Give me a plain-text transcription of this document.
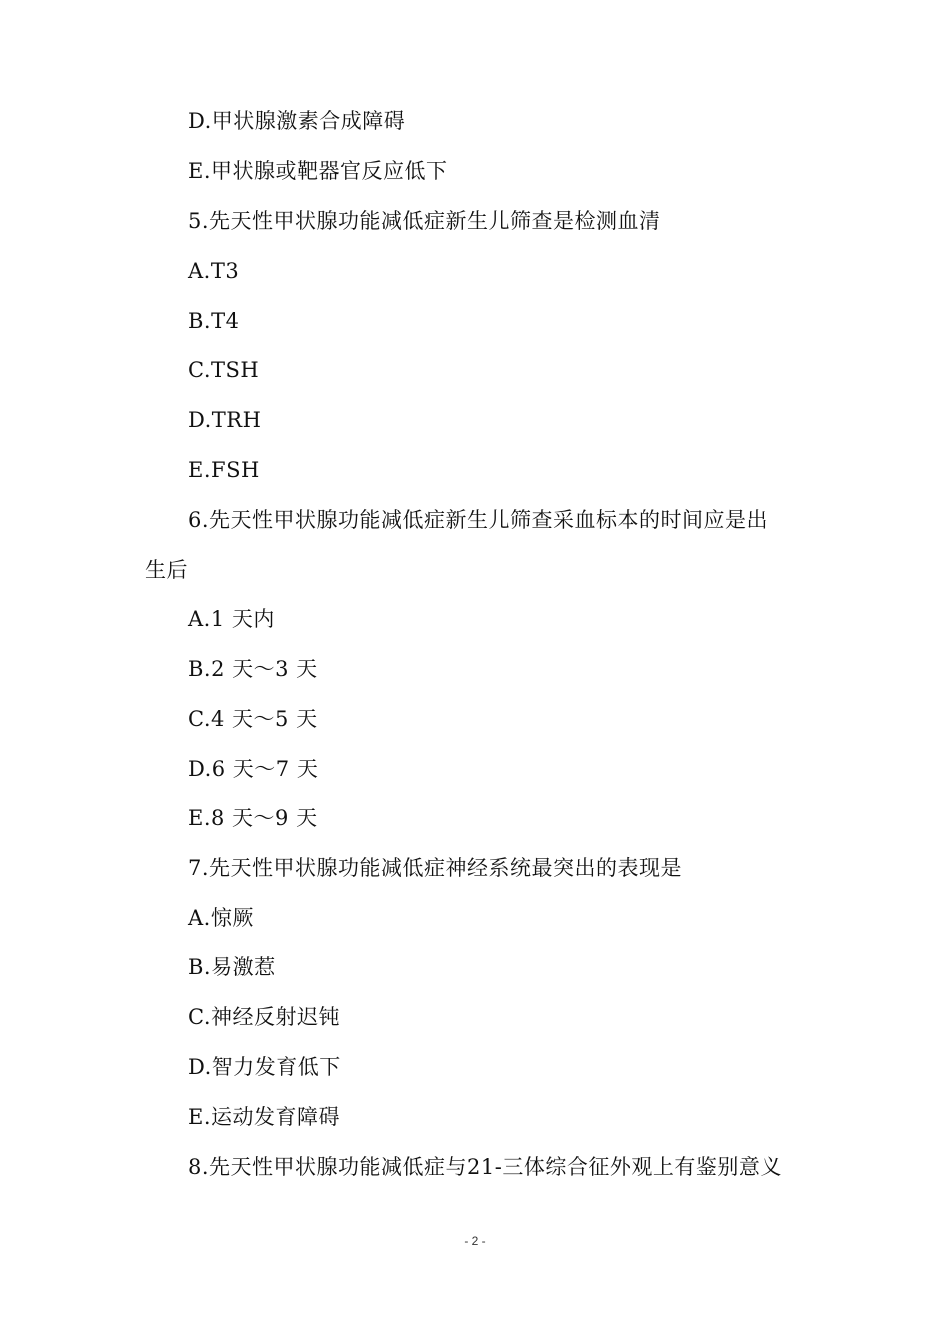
D.甲状腺激素合成障碍
E.甲状腺或靶器官反应低下
5.先天性甲状腺功能减低症新生儿筛查是检测血清
A.T3
B.T4
C.TSH
D.TRH
E.FSH
6.先天性甲状腺功能减低症新生儿筛查采血标本的时间应是出
生后
A.1 天内
B.2 天～3 天
C.4 天～5 天
D.6 天～7 天
E.8 天～9 天
7.先天性甲状腺功能减低症神经系统最突出的表现是
A.惊厥
B.易激惹
C.神经反射迟钝
D.智力发育低下
E.运动发育障碍
8.先天性甲状腺功能减低症与21-三体综合征外观上有鉴别意义
- 2 -
